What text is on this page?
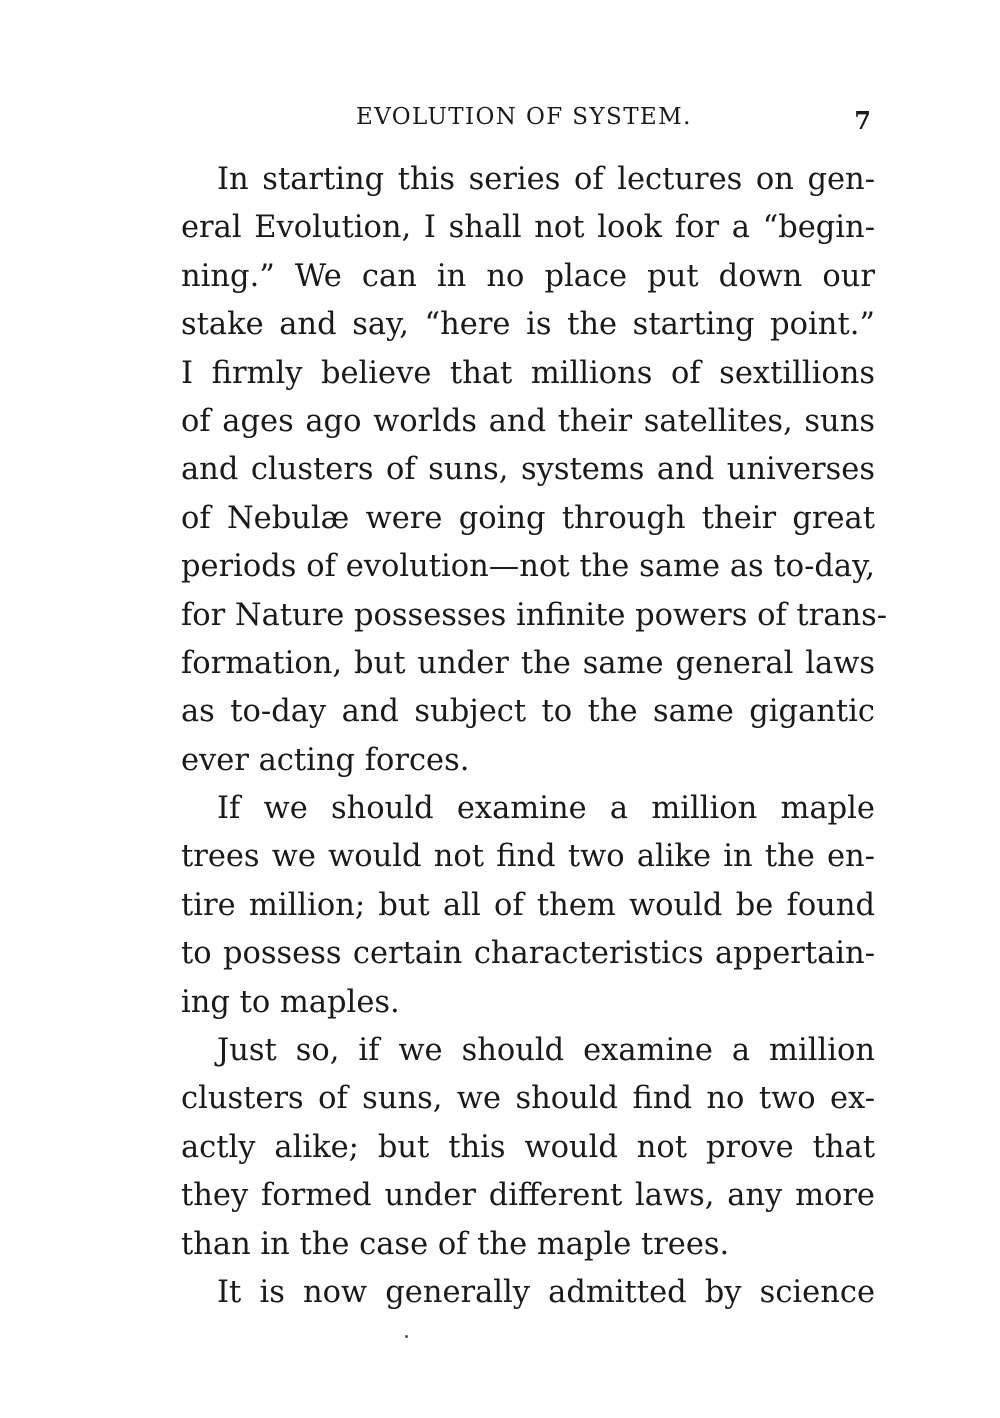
EVOLUTION OF SYSTEM.	7
In starting this series of lectures on gen-
eral Evolution, I shall not look for a “begin-
ning.” We can in no place put down our
stake and say, “here is the starting point.”
I firmly believe that millions of sextillions
of ages ago worlds and their satellites, suns
and clusters of suns, systems and universes
of Nebulæ were going through their great
periods of evolution—not the same as to-day,
for Nature possesses infinite powers of trans-
formation, but under the same general laws
as to-day and subject to the same gigantic
ever acting forces.
If we should examine a million maple
trees we would not find two alike in the en-
tire million; but all of them would be found
to possess certain characteristics appertain-
ing to maples.
Just so, if we should examine a million
clusters of suns, we should find no two ex-
actly alike; but this would not prove that
they formed under different laws, any more
than in the case of the maple trees.
It is now generally admitted by science
